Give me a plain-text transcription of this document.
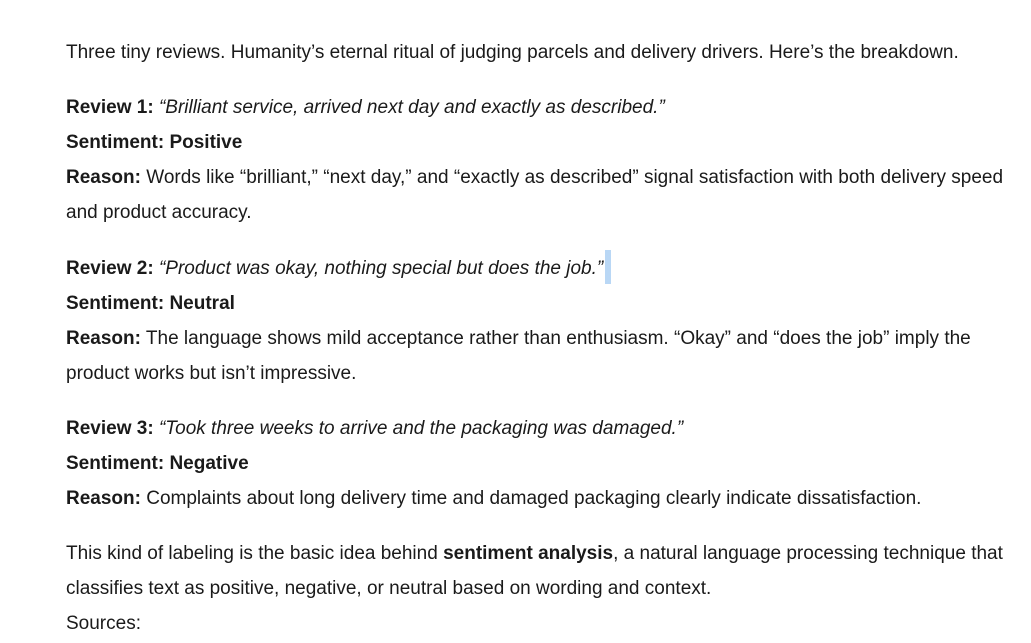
Three tiny reviews. Humanity’s eternal ritual of judging parcels and delivery drivers. Here’s the breakdown.

Review 1: “Brilliant service, arrived next day and exactly as described.”

Sentiment: Positive

Reason: Words like “brilliant,” “next day,” and “exactly as described” signal satisfaction with both delivery speed and product accuracy.

Review 2: “Product was okay, nothing special but does the job.”

Sentiment: Neutral

Reason: The language shows mild acceptance rather than enthusiasm. “Okay” and “does the job” imply the product works but isn’t impressive.

Review 3: “Took three weeks to arrive and the packaging was damaged.”

Sentiment: Negative

Reason: Complaints about long delivery time and damaged packaging clearly indicate dissatisfaction.

This kind of labeling is the basic idea behind sentiment analysis, a natural language processing technique that classifies text as positive, negative, or neutral based on wording and context.

Sources:
